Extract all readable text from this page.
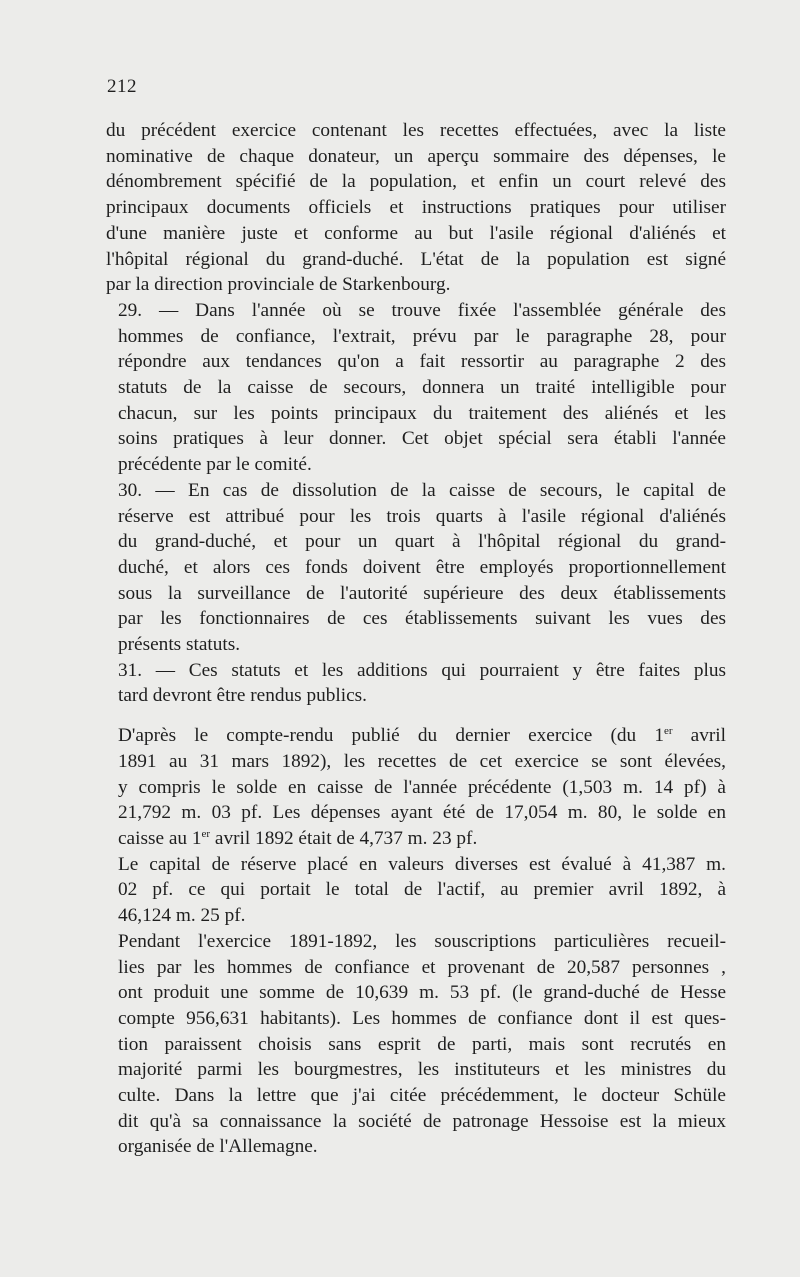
212

du précédent exercice contenant les recettes effectuées, avec la liste
nominative de chaque donateur, un aperçu sommaire des dépenses, le
dénombrement spécifié de la population, et enfin un court relevé des
principaux documents officiels et instructions pratiques pour utiliser
d'une manière juste et conforme au but l'asile régional d'aliénés et
l'hôpital régional du grand-duché. L'état de la population est signé
par la direction provinciale de Starkenbourg.

29. — Dans l'année où se trouve fixée l'assemblée générale des
hommes de confiance, l'extrait, prévu par le paragraphe 28, pour
répondre aux tendances qu'on a fait ressortir au paragraphe 2 des
statuts de la caisse de secours, donnera un traité intelligible pour
chacun, sur les points principaux du traitement des aliénés et les
soins pratiques à leur donner. Cet objet spécial sera établi l'année
précédente par le comité.

30. — En cas de dissolution de la caisse de secours, le capital de
réserve est attribué pour les trois quarts à l'asile régional d'aliénés
du grand-duché, et pour un quart à l'hôpital régional du grand-
duché, et alors ces fonds doivent être employés proportionnellement
sous la surveillance de l'autorité supérieure des deux établissements
par les fonctionnaires de ces établissements suivant les vues des
présents statuts.

31. — Ces statuts et les additions qui pourraient y être faites plus
tard devront être rendus publics.

D'après le compte-rendu publié du dernier exercice (du 1er avril
1891 au 31 mars 1892), les recettes de cet exercice se sont élevées,
y compris le solde en caisse de l'année précédente (1,503 m. 14 pf) à
21,792 m. 03 pf. Les dépenses ayant été de 17,054 m. 80, le solde en
caisse au 1er avril 1892 était de 4,737 m. 23 pf.

Le capital de réserve placé en valeurs diverses est évalué à 41,387 m.
02 pf. ce qui portait le total de l'actif, au premier avril 1892, à
46,124 m. 25 pf.

Pendant l'exercice 1891-1892, les souscriptions particulières recueil-
lies par les hommes de confiance et provenant de 20,587 personnes ,
ont produit une somme de 10,639 m. 53 pf. (le grand-duché de Hesse
compte 956,631 habitants). Les hommes de confiance dont il est ques-
tion paraissent choisis sans esprit de parti, mais sont recrutés en
majorité parmi les bourgmestres, les instituteurs et les ministres du
culte. Dans la lettre que j'ai citée précédemment, le docteur Schüle
dit qu'à sa connaissance la société de patronage Hessoise est la mieux
organisée de l'Allemagne.
